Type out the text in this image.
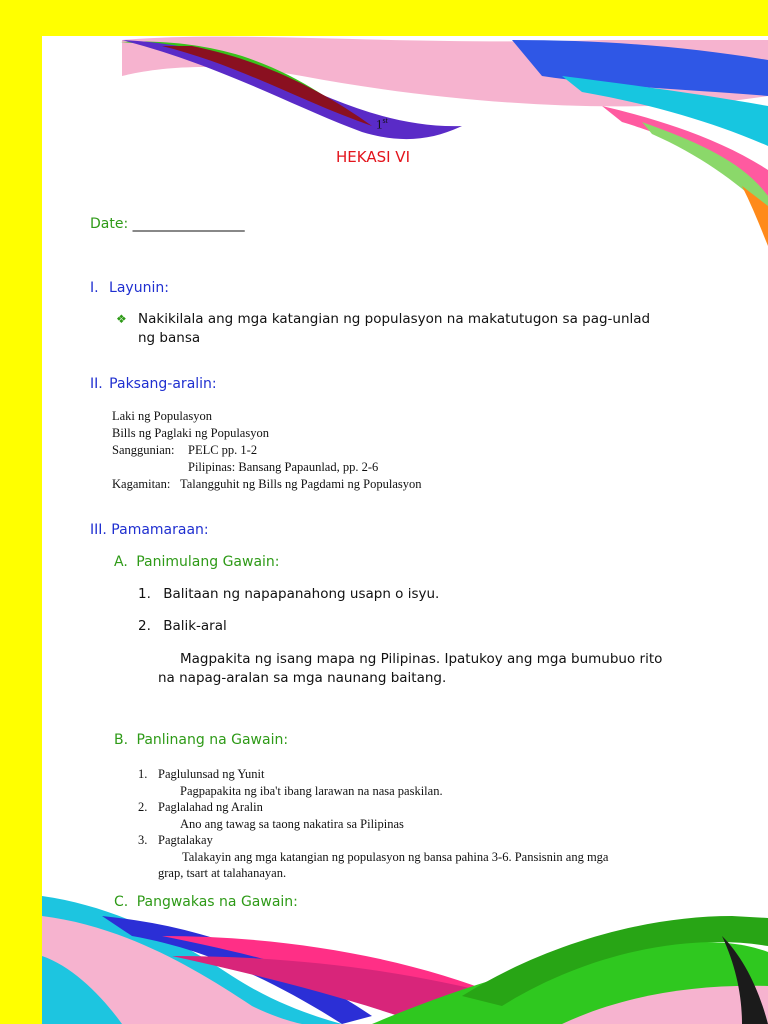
1st
HEKASI VI
Date: ________________
I. Layunin:
❖ Nakikilala ang mga katangian ng populasyon na makatutugon sa pag-unlad
ng bansa
II. Paksang-aralin:
Laki ng Populasyon
Bills ng Paglaki ng Populasyon
Sanggunian: PELC pp. 1-2
Pilipinas: Bansang Papaunlad, pp. 2-6
Kagamitan: Talangguhit ng Bills ng Pagdami ng Populasyon
III. Pamamaraan:
A. Panimulang Gawain:
1. Balitaan ng napapanahong usapn o isyu.
2. Balik-aral
Magpakita ng isang mapa ng Pilipinas. Ipatukoy ang mga bumubuo rito
na napag-aralan sa mga naunang baitang.
B. Panlinang na Gawain:
1. Paglulunsad ng Yunit
Pagpapakita ng iba't ibang larawan na nasa paskilan.
2. Paglalahad ng Aralin
Ano ang tawag sa taong nakatira sa Pilipinas
3. Pagtalakay
Talakayin ang mga katangian ng populasyon ng bansa pahina 3-6. Pansisnin ang mga
grap, tsart at talahanayan.
C. Pangwakas na Gawain:
